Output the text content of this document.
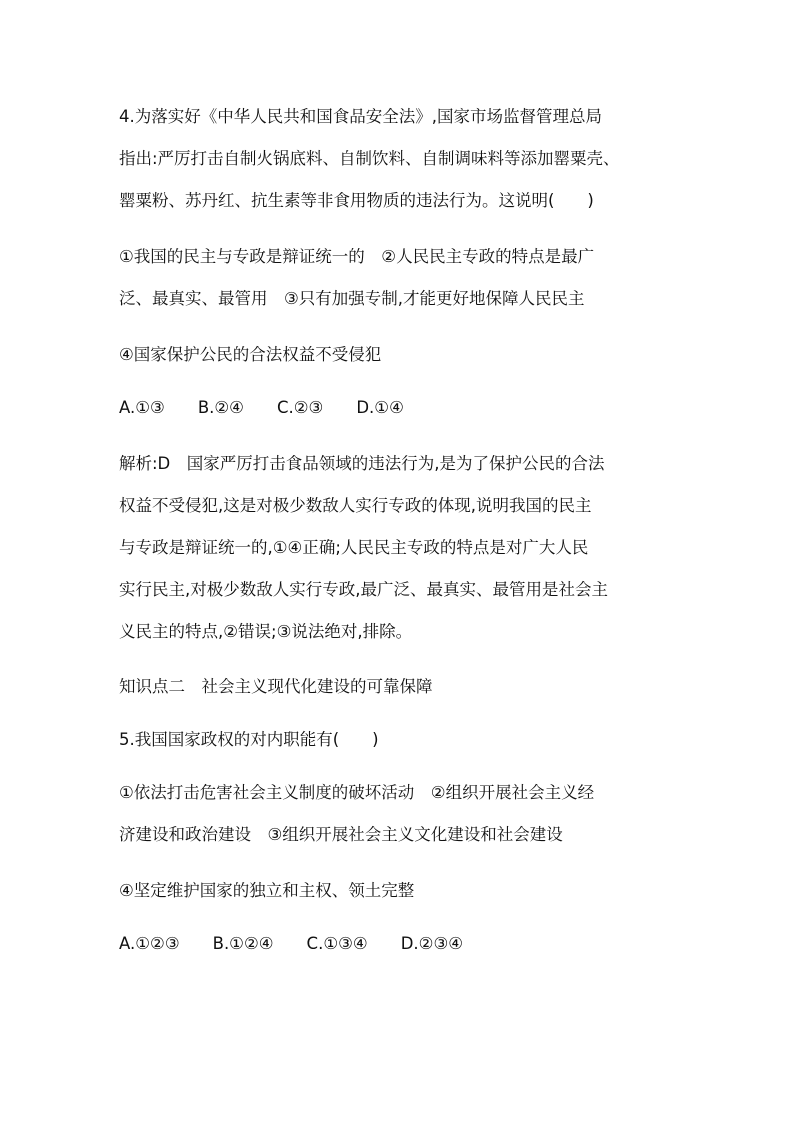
4.为落实好《中华人民共和国食品安全法》,国家市场监督管理总局
指出:严厉打击自制火锅底料、自制饮料、自制调味料等添加罂粟壳、
罂粟粉、苏丹红、抗生素等非食用物质的违法行为。这说明(　　)
①我国的民主与专政是辩证统一的　②人民民主专政的特点是最广
泛、最真实、最管用　③只有加强专制,才能更好地保障人民民主
④国家保护公民的合法权益不受侵犯
A.①③　　B.②④　　C.②③　　D.①④
解析:D　国家严厉打击食品领域的违法行为,是为了保护公民的合法
权益不受侵犯,这是对极少数敌人实行专政的体现,说明我国的民主
与专政是辩证统一的,①④正确;人民民主专政的特点是对广大人民
实行民主,对极少数敌人实行专政,最广泛、最真实、最管用是社会主
义民主的特点,②错误;③说法绝对,排除。
知识点二　社会主义现代化建设的可靠保障
5.我国国家政权的对内职能有(　　)
①依法打击危害社会主义制度的破坏活动　②组织开展社会主义经
济建设和政治建设　③组织开展社会主义文化建设和社会建设
④坚定维护国家的独立和主权、领土完整
A.①②③　　B.①②④　　C.①③④　　D.②③④
